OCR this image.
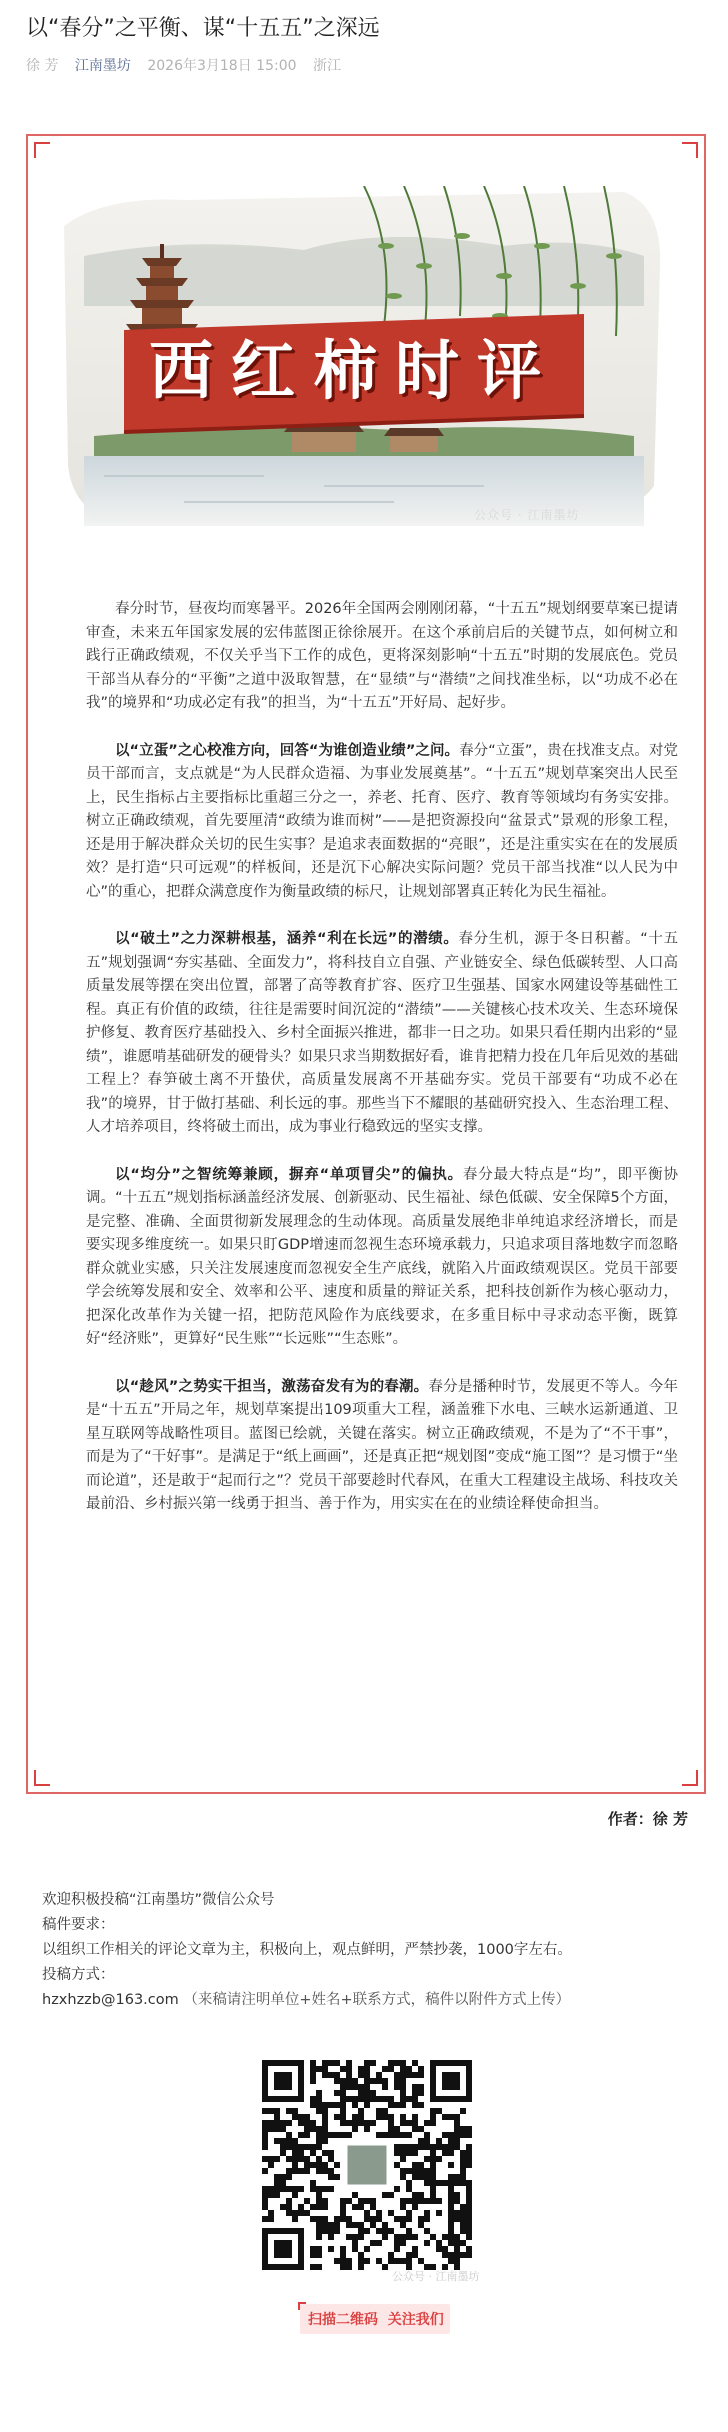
以“春分”之平衡、谋“十五五”之深远
徐 芳 江南墨坊 2026年3月18日 15:00 浙江
西红柿时评
公众号 · 江南墨坊

春分时节，昼夜均而寒暑平。2026年全国两会刚刚闭幕，“十五五”规划纲要草案已提请审查，未来五年国家发展的宏伟蓝图正徐徐展开。在这个承前启后的关键节点，如何树立和践行正确政绩观，不仅关乎当下工作的成色，更将深刻影响“十五五”时期的发展底色。党员干部当从春分的“平衡”之道中汲取智慧，在“显绩”与“潜绩”之间找准坐标，以“功成不必在我”的境界和“功成必定有我”的担当，为“十五五”开好局、起好步。

以“立蛋”之心校准方向，回答“为谁创造业绩”之问。春分“立蛋”，贵在找准支点。对党员干部而言，支点就是“为人民群众造福、为事业发展奠基”。“十五五”规划草案突出人民至上，民生指标占主要指标比重超三分之一，养老、托育、医疗、教育等领域均有务实安排。树立正确政绩观，首先要厘清“政绩为谁而树”——是把资源投向“盆景式”景观的形象工程，还是用于解决群众关切的民生实事？是追求表面数据的“亮眼”，还是注重实实在在的发展质效？是打造“只可远观”的样板间，还是沉下心解决实际问题？党员干部当找准“以人民为中心”的重心，把群众满意度作为衡量政绩的标尺，让规划部署真正转化为民生福祉。

以“破土”之力深耕根基，涵养“利在长远”的潜绩。春分生机，源于冬日积蓄。“十五五”规划强调“夯实基础、全面发力”，将科技自立自强、产业链安全、绿色低碳转型、人口高质量发展等摆在突出位置，部署了高等教育扩容、医疗卫生强基、国家水网建设等基础性工程。真正有价值的政绩，往往是需要时间沉淀的“潜绩”——关键核心技术攻关、生态环境保护修复、教育医疗基础投入、乡村全面振兴推进，都非一日之功。如果只看任期内出彩的“显绩”，谁愿啃基础研发的硬骨头？如果只求当期数据好看，谁肯把精力投在几年后见效的基础工程上？春笋破土离不开蛰伏，高质量发展离不开基础夯实。党员干部要有“功成不必在我”的境界，甘于做打基础、利长远的事。那些当下不耀眼的基础研究投入、生态治理工程、人才培养项目，终将破土而出，成为事业行稳致远的坚实支撑。

以“均分”之智统筹兼顾，摒弃“单项冒尖”的偏执。春分最大特点是“均”，即平衡协调。“十五五”规划指标涵盖经济发展、创新驱动、民生福祉、绿色低碳、安全保障5个方面，是完整、准确、全面贯彻新发展理念的生动体现。高质量发展绝非单纯追求经济增长，而是要实现多维度统一。如果只盯GDP增速而忽视生态环境承载力，只追求项目落地数字而忽略群众就业实感，只关注发展速度而忽视安全生产底线，就陷入片面政绩观误区。党员干部要学会统筹发展和安全、效率和公平、速度和质量的辩证关系，把科技创新作为核心驱动力，把深化改革作为关键一招，把防范风险作为底线要求，在多重目标中寻求动态平衡，既算好“经济账”，更算好“民生账”“长远账”“生态账”。

以“趁风”之势实干担当，激荡奋发有为的春潮。春分是播种时节，发展更不等人。今年是“十五五”开局之年，规划草案提出109项重大工程，涵盖雅下水电、三峡水运新通道、卫星互联网等战略性项目。蓝图已绘就，关键在落实。树立正确政绩观，不是为了“不干事”，而是为了“干好事”。是满足于“纸上画画”，还是真正把“规划图”变成“施工图”？是习惯于“坐而论道”，还是敢于“起而行之”？党员干部要趁时代春风，在重大工程建设主战场、科技攻关最前沿、乡村振兴第一线勇于担当、善于作为，用实实在在的业绩诠释使命担当。

作者：徐 芳
欢迎积极投稿“江南墨坊”微信公众号
稿件要求：
以组织工作相关的评论文章为主，积极向上，观点鲜明，严禁抄袭，1000字左右。
投稿方式：
hzxhzzb@163.com （来稿请注明单位+姓名+联系方式，稿件以附件方式上传）
公众号 · 江南墨坊
扫描二维码 关注我们
